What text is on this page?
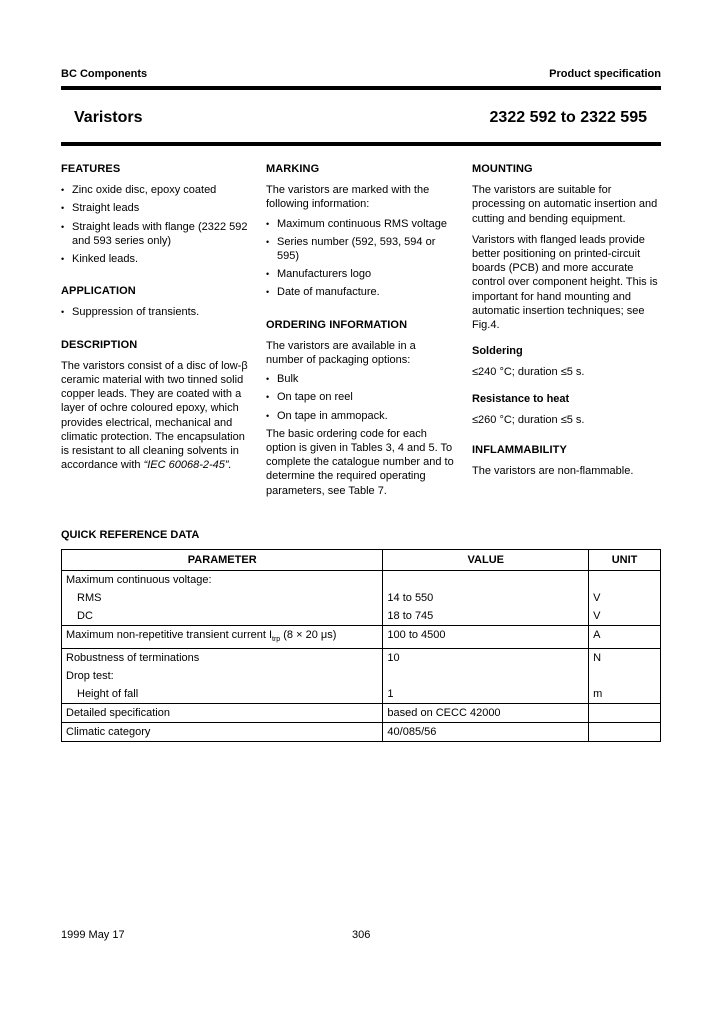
BC Components	Product specification
Varistors	2322 592 to 2322 595
FEATURES
• Zinc oxide disc, epoxy coated
• Straight leads
• Straight leads with flange (2322 592 and 593 series only)
• Kinked leads.
APPLICATION
• Suppression of transients.
DESCRIPTION

The varistors consist of a disc of low-β ceramic material with two tinned solid copper leads. They are coated with a layer of ochre coloured epoxy, which provides electrical, mechanical and climatic protection. The encapsulation is resistant to all cleaning solvents in accordance with “IEC 60068-2-45”.

MARKING

The varistors are marked with the following information:

• Maximum continuous RMS voltage
• Series number (592, 593, 594 or 595)
• Manufacturers logo
• Date of manufacture.
ORDERING INFORMATION

The varistors are available in a number of packaging options:

• Bulk
• On tape on reel
• On tape in ammopack.

The basic ordering code for each option is given in Tables 3, 4 and 5. To complete the catalogue number and to determine the required operating parameters, see Table 7.

MOUNTING

The varistors are suitable for processing on automatic insertion and cutting and bending equipment.

Varistors with flanged leads provide better positioning on printed-circuit boards (PCB) and more accurate control over component height. This is important for hand mounting and automatic insertion techniques; see Fig.4.

Soldering

≤240 °C; duration ≤5 s.

Resistance to heat

≤260 °C; duration ≤5 s.

INFLAMMABILITY

The varistors are non-flammable.

QUICK REFERENCE DATA
PARAMETER	VALUE	UNIT
Maximum continuous voltage:		
RMS	14 to 550	V
DC	18 to 745	V
Maximum non-repetitive transient current $I_{trp}$ (8 × 20 μs)	100 to 4500	A
Robustness of terminations	10	N
Drop test:		
Height of fall	1	m
Detailed specification	based on CECC 42000	
Climatic category	40/085/56	
1999 May 17	306
